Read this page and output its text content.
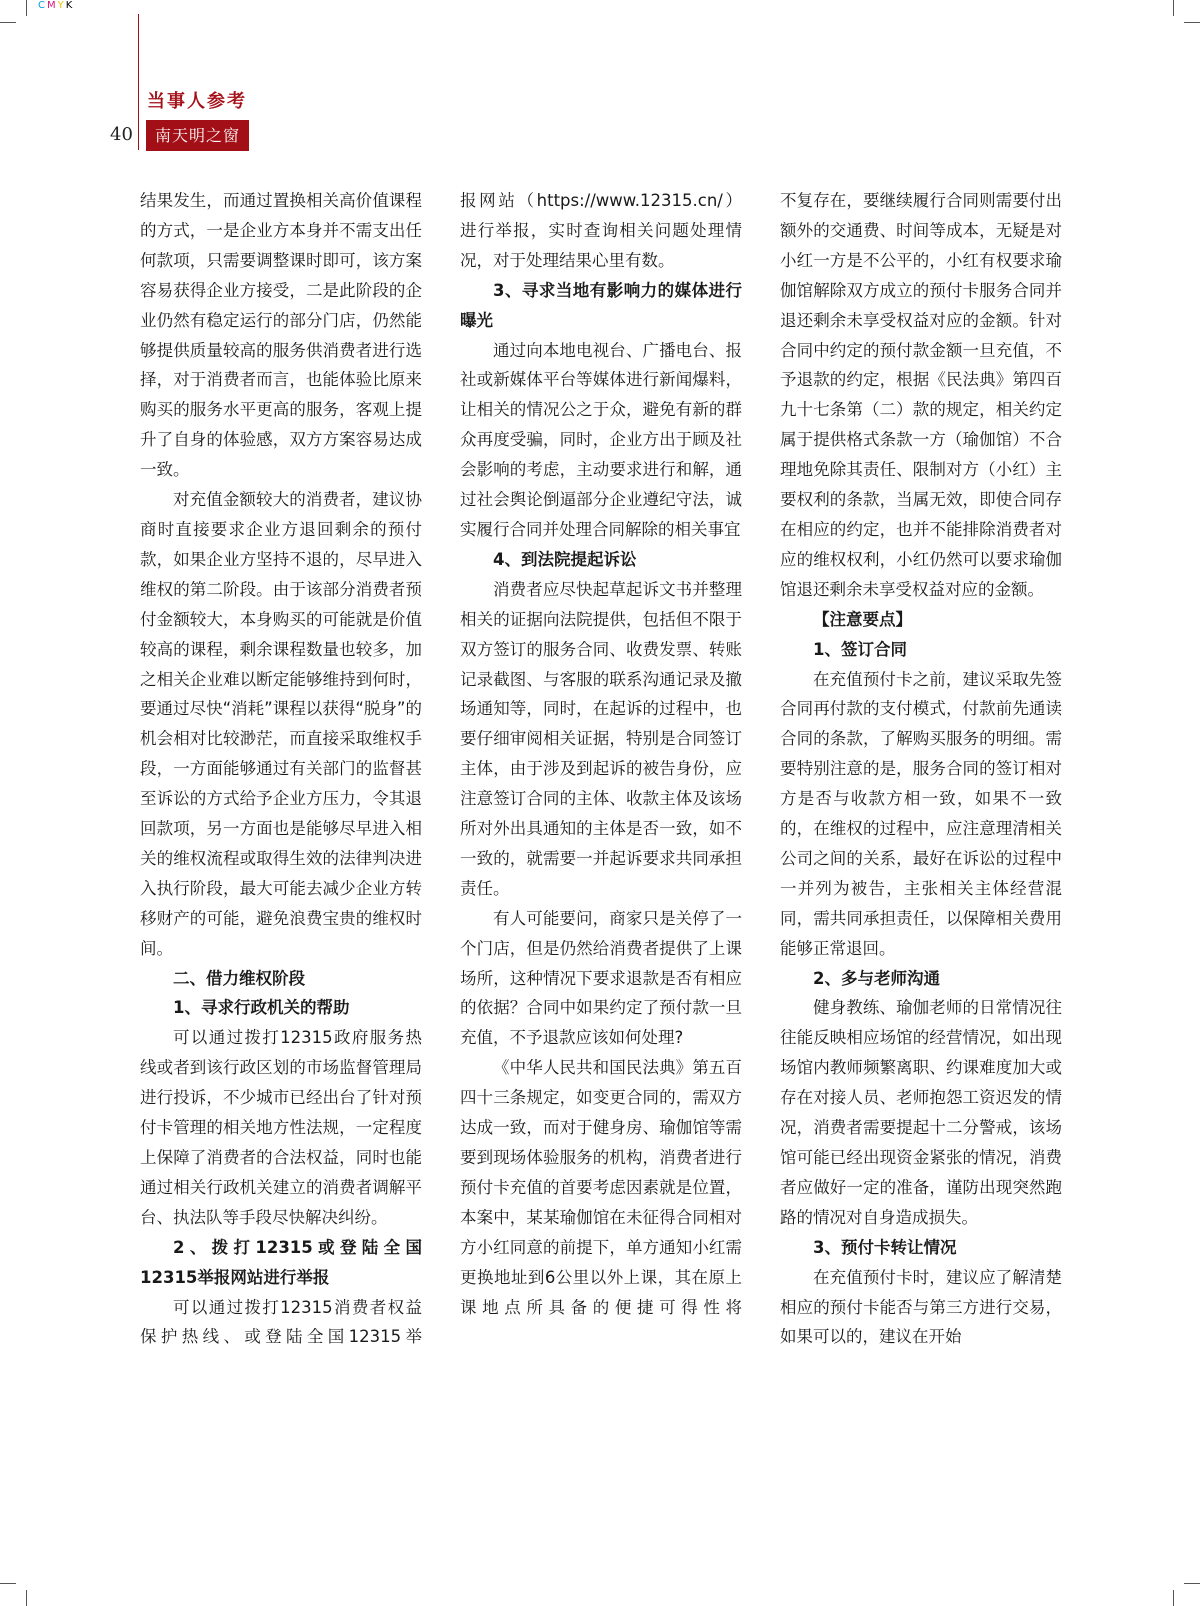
CMYK
当事人参考
40	南天明之窗

结果发生，而通过置换相关高价值课程的方式，一是企业方本身并不需支出任何款项，只需要调整课时即可，该方案容易获得企业方接受，二是此阶段的企业仍然有稳定运行的部分门店，仍然能够提供质量较高的服务供消费者进行选择，对于消费者而言，也能体验比原来购买的服务水平更高的服务，客观上提升了自身的体验感，双方方案容易达成一致。

对充值金额较大的消费者，建议协商时直接要求企业方退回剩余的预付款，如果企业方坚持不退的，尽早进入维权的第二阶段。由于该部分消费者预付金额较大，本身购买的可能就是价值较高的课程，剩余课程数量也较多，加之相关企业难以断定能够维持到何时，要通过尽快“消耗”课程以获得“脱身”的机会相对比较渺茫，而直接采取维权手段，一方面能够通过有关部门的监督甚至诉讼的方式给予企业方压力，令其退回款项，另一方面也是能够尽早进入相关的维权流程或取得生效的法律判决进入执行阶段，最大可能去减少企业方转移财产的可能，避免浪费宝贵的维权时间。

二、借力维权阶段

1、寻求行政机关的帮助

可以通过拨打12315政府服务热线或者到该行政区划的市场监督管理局进行投诉，不少城市已经出台了针对预付卡管理的相关地方性法规，一定程度上保障了消费者的合法权益，同时也能通过相关行政机关建立的消费者调解平台、执法队等手段尽快解决纠纷。

2、拨打12315或登陆全国12315举报网站进行举报

可以通过拨打12315消费者权益保护热线、或登陆全国12315举

报网站（https://www.12315.cn/）进行举报，实时查询相关问题处理情况，对于处理结果心里有数。

3、寻求当地有影响力的媒体进行曝光

通过向本地电视台、广播电台、报社或新媒体平台等媒体进行新闻爆料，让相关的情况公之于众，避免有新的群众再度受骗，同时，企业方出于顾及社会影响的考虑，主动要求进行和解，通过社会舆论倒逼部分企业遵纪守法，诚实履行合同并处理合同解除的相关事宜

4、到法院提起诉讼

消费者应尽快起草起诉文书并整理相关的证据向法院提供，包括但不限于双方签订的服务合同、收费发票、转账记录截图、与客服的联系沟通记录及撤场通知等，同时，在起诉的过程中，也要仔细审阅相关证据，特别是合同签订主体，由于涉及到起诉的被告身份，应注意签订合同的主体、收款主体及该场所对外出具通知的主体是否一致，如不一致的，就需要一并起诉要求共同承担责任。

有人可能要问，商家只是关停了一个门店，但是仍然给消费者提供了上课场所，这种情况下要求退款是否有相应的依据？合同中如果约定了预付款一旦充值，不予退款应该如何处理?

《中华人民共和国民法典》第五百四十三条规定，如变更合同的，需双方达成一致，而对于健身房、瑜伽馆等需要到现场体验服务的机构，消费者进行预付卡充值的首要考虑因素就是位置，本案中，某某瑜伽馆在未征得合同相对方小红同意的前提下，单方通知小红需更换地址到6公里以外上课，其在原上课地点所具备的便捷可得性将

不复存在，要继续履行合同则需要付出额外的交通费、时间等成本，无疑是对小红一方是不公平的，小红有权要求瑜伽馆解除双方成立的预付卡服务合同并退还剩余未享受权益对应的金额。针对合同中约定的预付款金额一旦充值，不予退款的约定，根据《民法典》第四百九十七条第（二）款的规定，相关约定属于提供格式条款一方（瑜伽馆）不合理地免除其责任、限制对方（小红）主要权利的条款，当属无效，即使合同存在相应的约定，也并不能排除消费者对应的维权权利，小红仍然可以要求瑜伽馆退还剩余未享受权益对应的金额。

【注意要点】

1、签订合同

在充值预付卡之前，建议采取先签合同再付款的支付模式，付款前先通读合同的条款，了解购买服务的明细。需要特别注意的是，服务合同的签订相对方是否与收款方相一致，如果不一致的，在维权的过程中，应注意理清相关公司之间的关系，最好在诉讼的过程中一并列为被告，主张相关主体经营混同，需共同承担责任，以保障相关费用能够正常退回。

2、多与老师沟通

健身教练、瑜伽老师的日常情况往往能反映相应场馆的经营情况，如出现场馆内教师频繁离职、约课难度加大或存在对接人员、老师抱怨工资迟发的情况，消费者需要提起十二分警戒，该场馆可能已经出现资金紧张的情况，消费者应做好一定的准备，谨防出现突然跑路的情况对自身造成损失。

3、预付卡转让情况

在充值预付卡时，建议应了解清楚相应的预付卡能否与第三方进行交易，如果可以的，建议在开始
